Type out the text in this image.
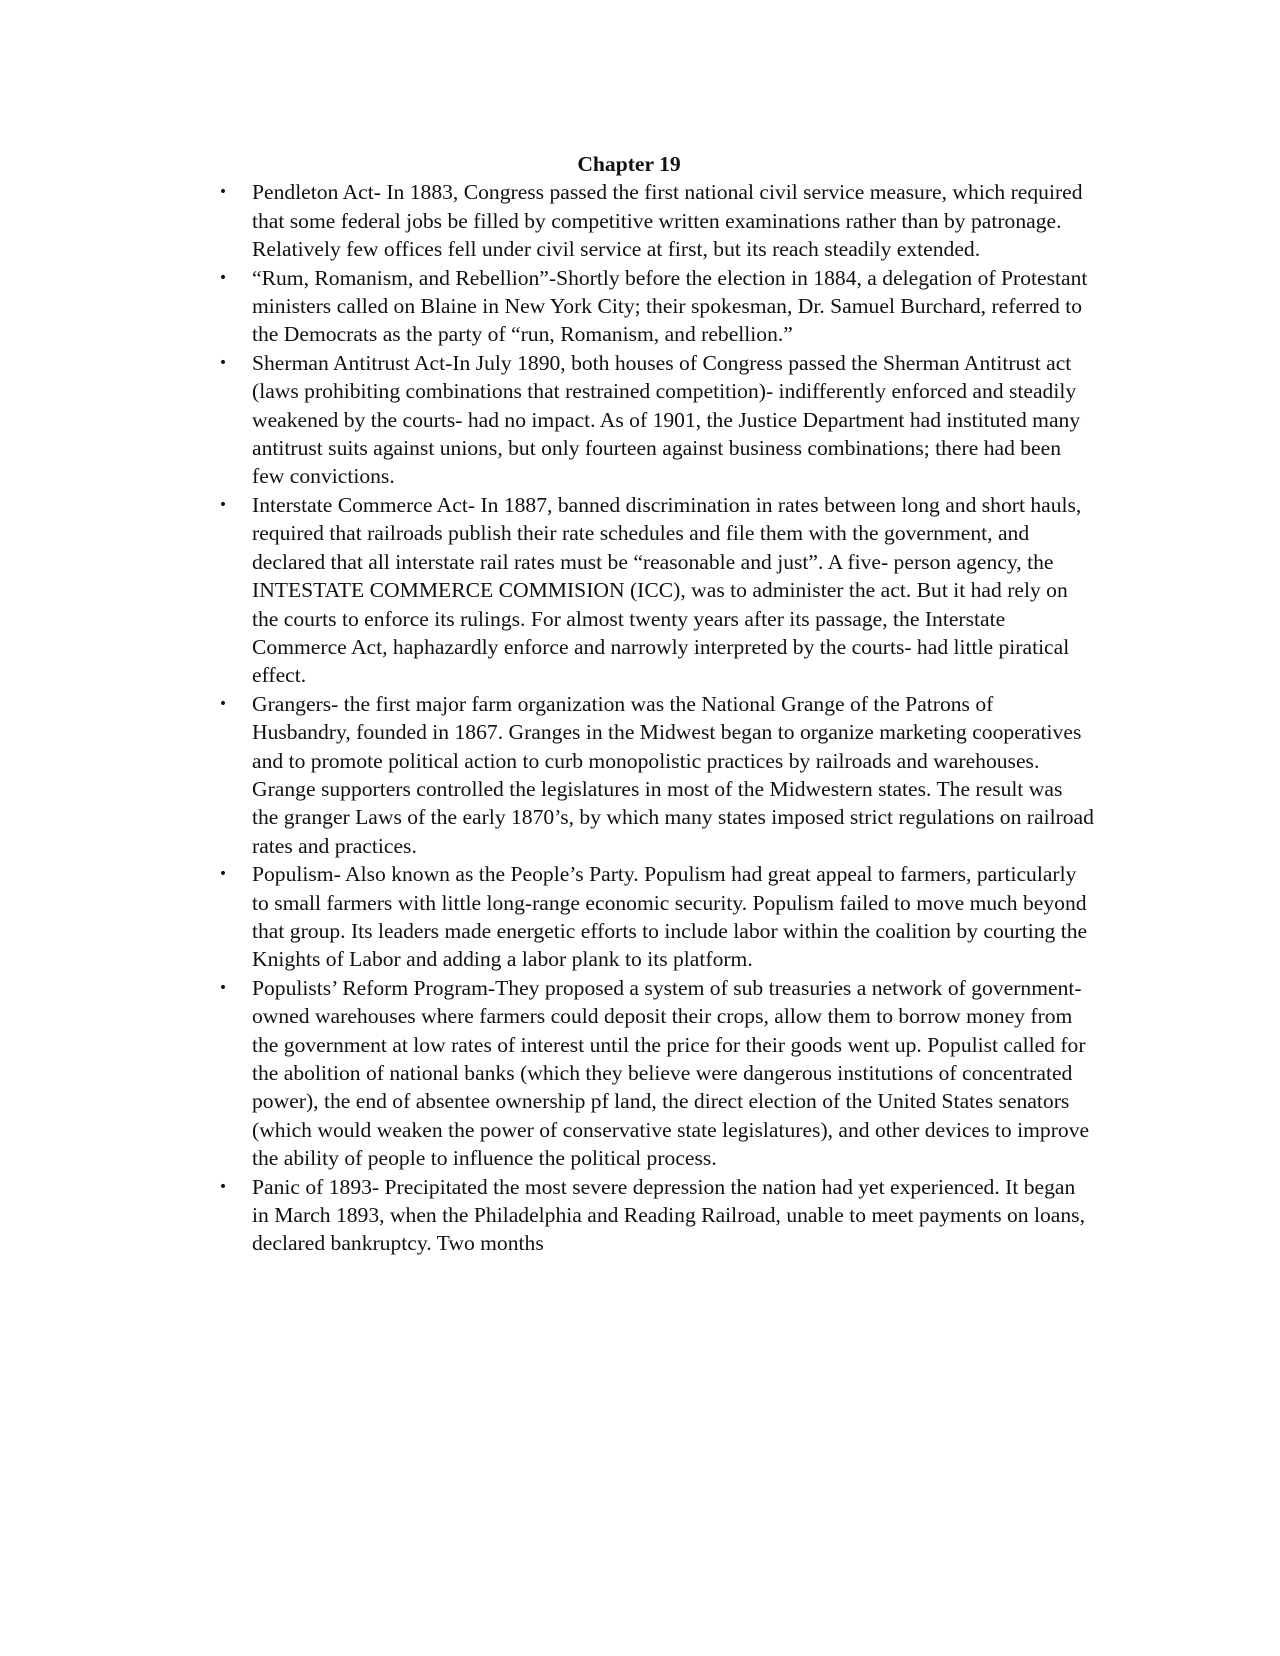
Chapter 19
• Pendleton Act- In 1883, Congress passed the first national civil service measure, which required that some federal jobs be filled by competitive written examinations rather than by patronage. Relatively few offices fell under civil service at first, but its reach steadily extended.
• “Rum, Romanism, and Rebellion”-Shortly before the election in 1884, a delegation of Protestant ministers called on Blaine in New York City; their spokesman, Dr. Samuel Burchard, referred to the Democrats as the party of “run, Romanism, and rebellion.”
• Sherman Antitrust Act-In July 1890, both houses of Congress passed the Sherman Antitrust act (laws prohibiting combinations that restrained competition)- indifferently enforced and steadily weakened by the courts- had no impact. As of 1901, the Justice Department had instituted many antitrust suits against unions, but only fourteen against business combinations; there had been few convictions.
• Interstate Commerce Act- In 1887, banned discrimination in rates between long and short hauls, required that railroads publish their rate schedules and file them with the government, and declared that all interstate rail rates must be “reasonable and just”. A five- person agency, the INTESTATE COMMERCE COMMISION (ICC), was to administer the act. But it had rely on the courts to enforce its rulings. For almost twenty years after its passage, the Interstate Commerce Act, haphazardly enforce and narrowly interpreted by the courts- had little piratical effect.
• Grangers- the first major farm organization was the National Grange of the Patrons of Husbandry, founded in 1867. Granges in the Midwest began to organize marketing cooperatives and to promote political action to curb monopolistic practices by railroads and warehouses. Grange supporters controlled the legislatures in most of the Midwestern states. The result was the granger Laws of the early 1870’s, by which many states imposed strict regulations on railroad rates and practices.
• Populism- Also known as the People’s Party. Populism had great appeal to farmers, particularly to small farmers with little long-range economic security. Populism failed to move much beyond that group. Its leaders made energetic efforts to include labor within the coalition by courting the Knights of Labor and adding a labor plank to its platform.
• Populists’ Reform Program-They proposed a system of sub treasuries a network of government-owned warehouses where farmers could deposit their crops, allow them to borrow money from the government at low rates of interest until the price for their goods went up. Populist called for the abolition of national banks (which they believe were dangerous institutions of concentrated power), the end of absentee ownership pf land, the direct election of the United States senators (which would weaken the power of conservative state legislatures), and other devices to improve the ability of people to influence the political process.
• Panic of 1893- Precipitated the most severe depression the nation had yet experienced. It began in March 1893, when the Philadelphia and Reading Railroad, unable to meet payments on loans, declared bankruptcy. Two months
